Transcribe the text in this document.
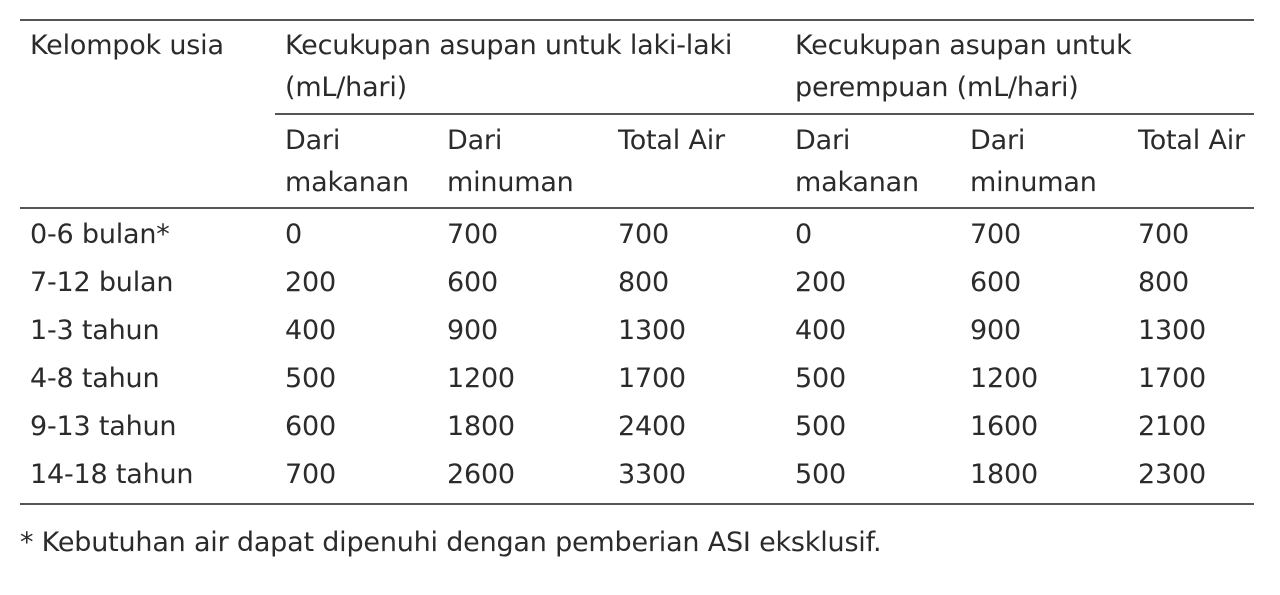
Kelompok usia	Kecukupan asupan untuk laki-laki (mL/hari)			Kecukupan asupan untuk perempuan (mL/hari)		
	Dari makanan	Dari minuman	Total Air	Dari makanan	Dari minuman	Total Air
0-6 bulan*	0	700	700	0	700	700
7-12 bulan	200	600	800	200	600	800
1-3 tahun	400	900	1300	400	900	1300
4-8 tahun	500	1200	1700	500	1200	1700
9-13 tahun	600	1800	2400	500	1600	2100
14-18 tahun	700	2600	3300	500	1800	2300
* Kebutuhan air dapat dipenuhi dengan pemberian ASI eksklusif.
